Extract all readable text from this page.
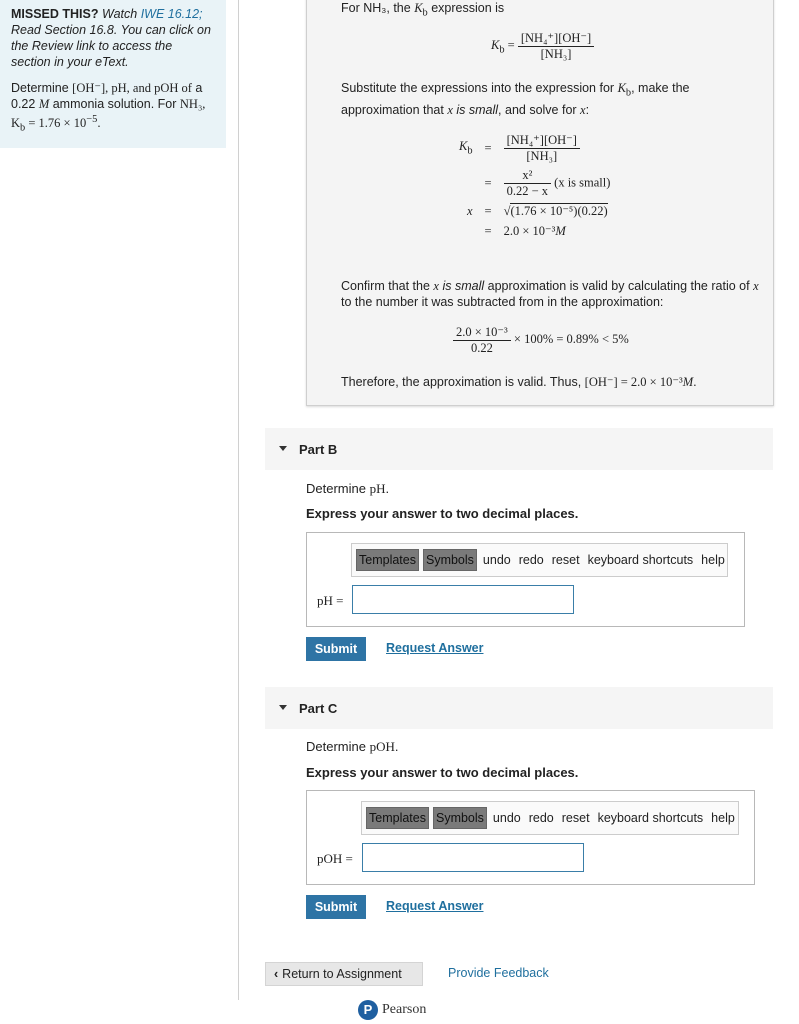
MISSED THIS? Watch IWE 16.12; Read Section 16.8. You can click on the Review link to access the section in your eText.
Determine [OH⁻], pH, and pOH of a 0.22 M ammonia solution. For NH₃, $K_b = 1.76 \times 10^{-5}$.
For NH₃, the $K_b$ expression is
$K_b = \frac{\text{[NH₄⁺][OH⁻]}}{\text{[NH₃]}}$
Substitute the expressions into the expression for $K_b$, make the approximation that x is small, and solve for x:
$K_b$	=	$\frac{\text{[NH₄⁺][OH⁻]}}{\text{[NH₃]}}$

	=	$\frac{\text{x²}}{0.22 - x} (x$ is small)
x	=	√(1.76 × 10⁻⁵)(0.22)
	=	2.0 × 10⁻³M
Confirm that the x is small approximation is valid by calculating the ratio of x to the number it was subtracted from in the approximation:
$\frac{\text{2.0 × 10⁻³}}{0.22} \times 100\% = 0.89\% < 5\%$
Therefore, the approximation is valid. Thus, [OH⁻] = 2.0 × 10⁻³M.
Part B
Determine pH.
Express your answer to two decimal places.
Templates Symbols undo redo reset keyboard shortcuts help
pH =
Submit	Request Answer
Part C
Determine pOH.
Express your answer to two decimal places.
Templates Symbols undo redo reset keyboard shortcuts help
pOH =
Submit	Request Answer
‹ Return to Assignment	Provide Feedback
P Pearson
